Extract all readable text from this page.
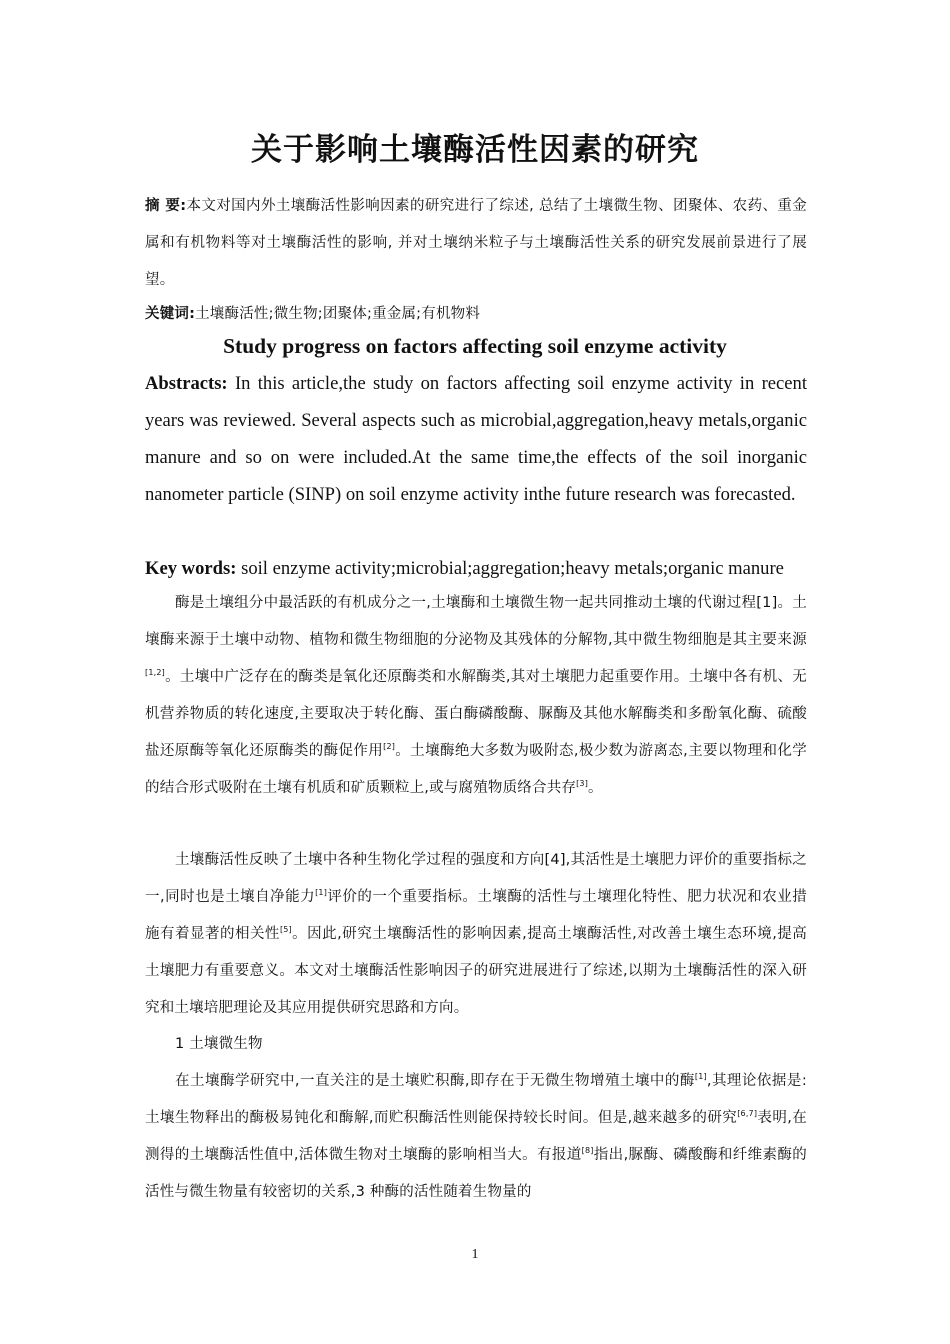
关于影响土壤酶活性因素的研究
摘 要:本文对国内外土壤酶活性影响因素的研究进行了综述, 总结了土壤微生物、团聚体、农药、重金属和有机物料等对土壤酶活性的影响, 并对土壤纳米粒子与土壤酶活性关系的研究发展前景进行了展望。
关键词:土壤酶活性;微生物;团聚体;重金属;有机物料
Study progress on factors affecting soil enzyme activity
Abstracts: In this article,the study on factors affecting soil enzyme activity in recent years was reviewed. Several aspects such as microbial,aggregation,heavy metals,organic manure and so on were included.At the same time,the effects of the soil inorganic nanometer particle (SINP) on soil enzyme activity inthe future research was forecasted.
Key words: soil enzyme activity;microbial;aggregation;heavy metals;organic manure
酶是土壤组分中最活跃的有机成分之一,土壤酶和土壤微生物一起共同推动土壤的代谢过程[1]。土壤酶来源于土壤中动物、植物和微生物细胞的分泌物及其残体的分解物,其中微生物细胞是其主要来源[1,2]。土壤中广泛存在的酶类是氧化还原酶类和水解酶类,其对土壤肥力起重要作用。土壤中各有机、无机营养物质的转化速度,主要取决于转化酶、蛋白酶磷酸酶、脲酶及其他水解酶类和多酚氧化酶、硫酸盐还原酶等氧化还原酶类的酶促作用[2]。土壤酶绝大多数为吸附态,极少数为游离态,主要以物理和化学的结合形式吸附在土壤有机质和矿质颗粒上,或与腐殖物质络合共存[3]。
土壤酶活性反映了土壤中各种生物化学过程的强度和方向[4],其活性是土壤肥力评价的重要指标之一,同时也是土壤自净能力[1]评价的一个重要指标。土壤酶的活性与土壤理化特性、肥力状况和农业措施有着显著的相关性[5]。因此,研究土壤酶活性的影响因素,提高土壤酶活性,对改善土壤生态环境,提高土壤肥力有重要意义。本文对土壤酶活性影响因子的研究进展进行了综述,以期为土壤酶活性的深入研究和土壤培肥理论及其应用提供研究思路和方向。
1 土壤微生物
在土壤酶学研究中,一直关注的是土壤贮积酶,即存在于无微生物增殖土壤中的酶[1],其理论依据是:土壤生物释出的酶极易钝化和酶解,而贮积酶活性则能保持较长时间。但是,越来越多的研究[6,7]表明,在测得的土壤酶活性值中,活体微生物对土壤酶的影响相当大。有报道[8]指出,脲酶、磷酸酶和纤维素酶的活性与微生物量有较密切的关系,3 种酶的活性随着生物量的
1
